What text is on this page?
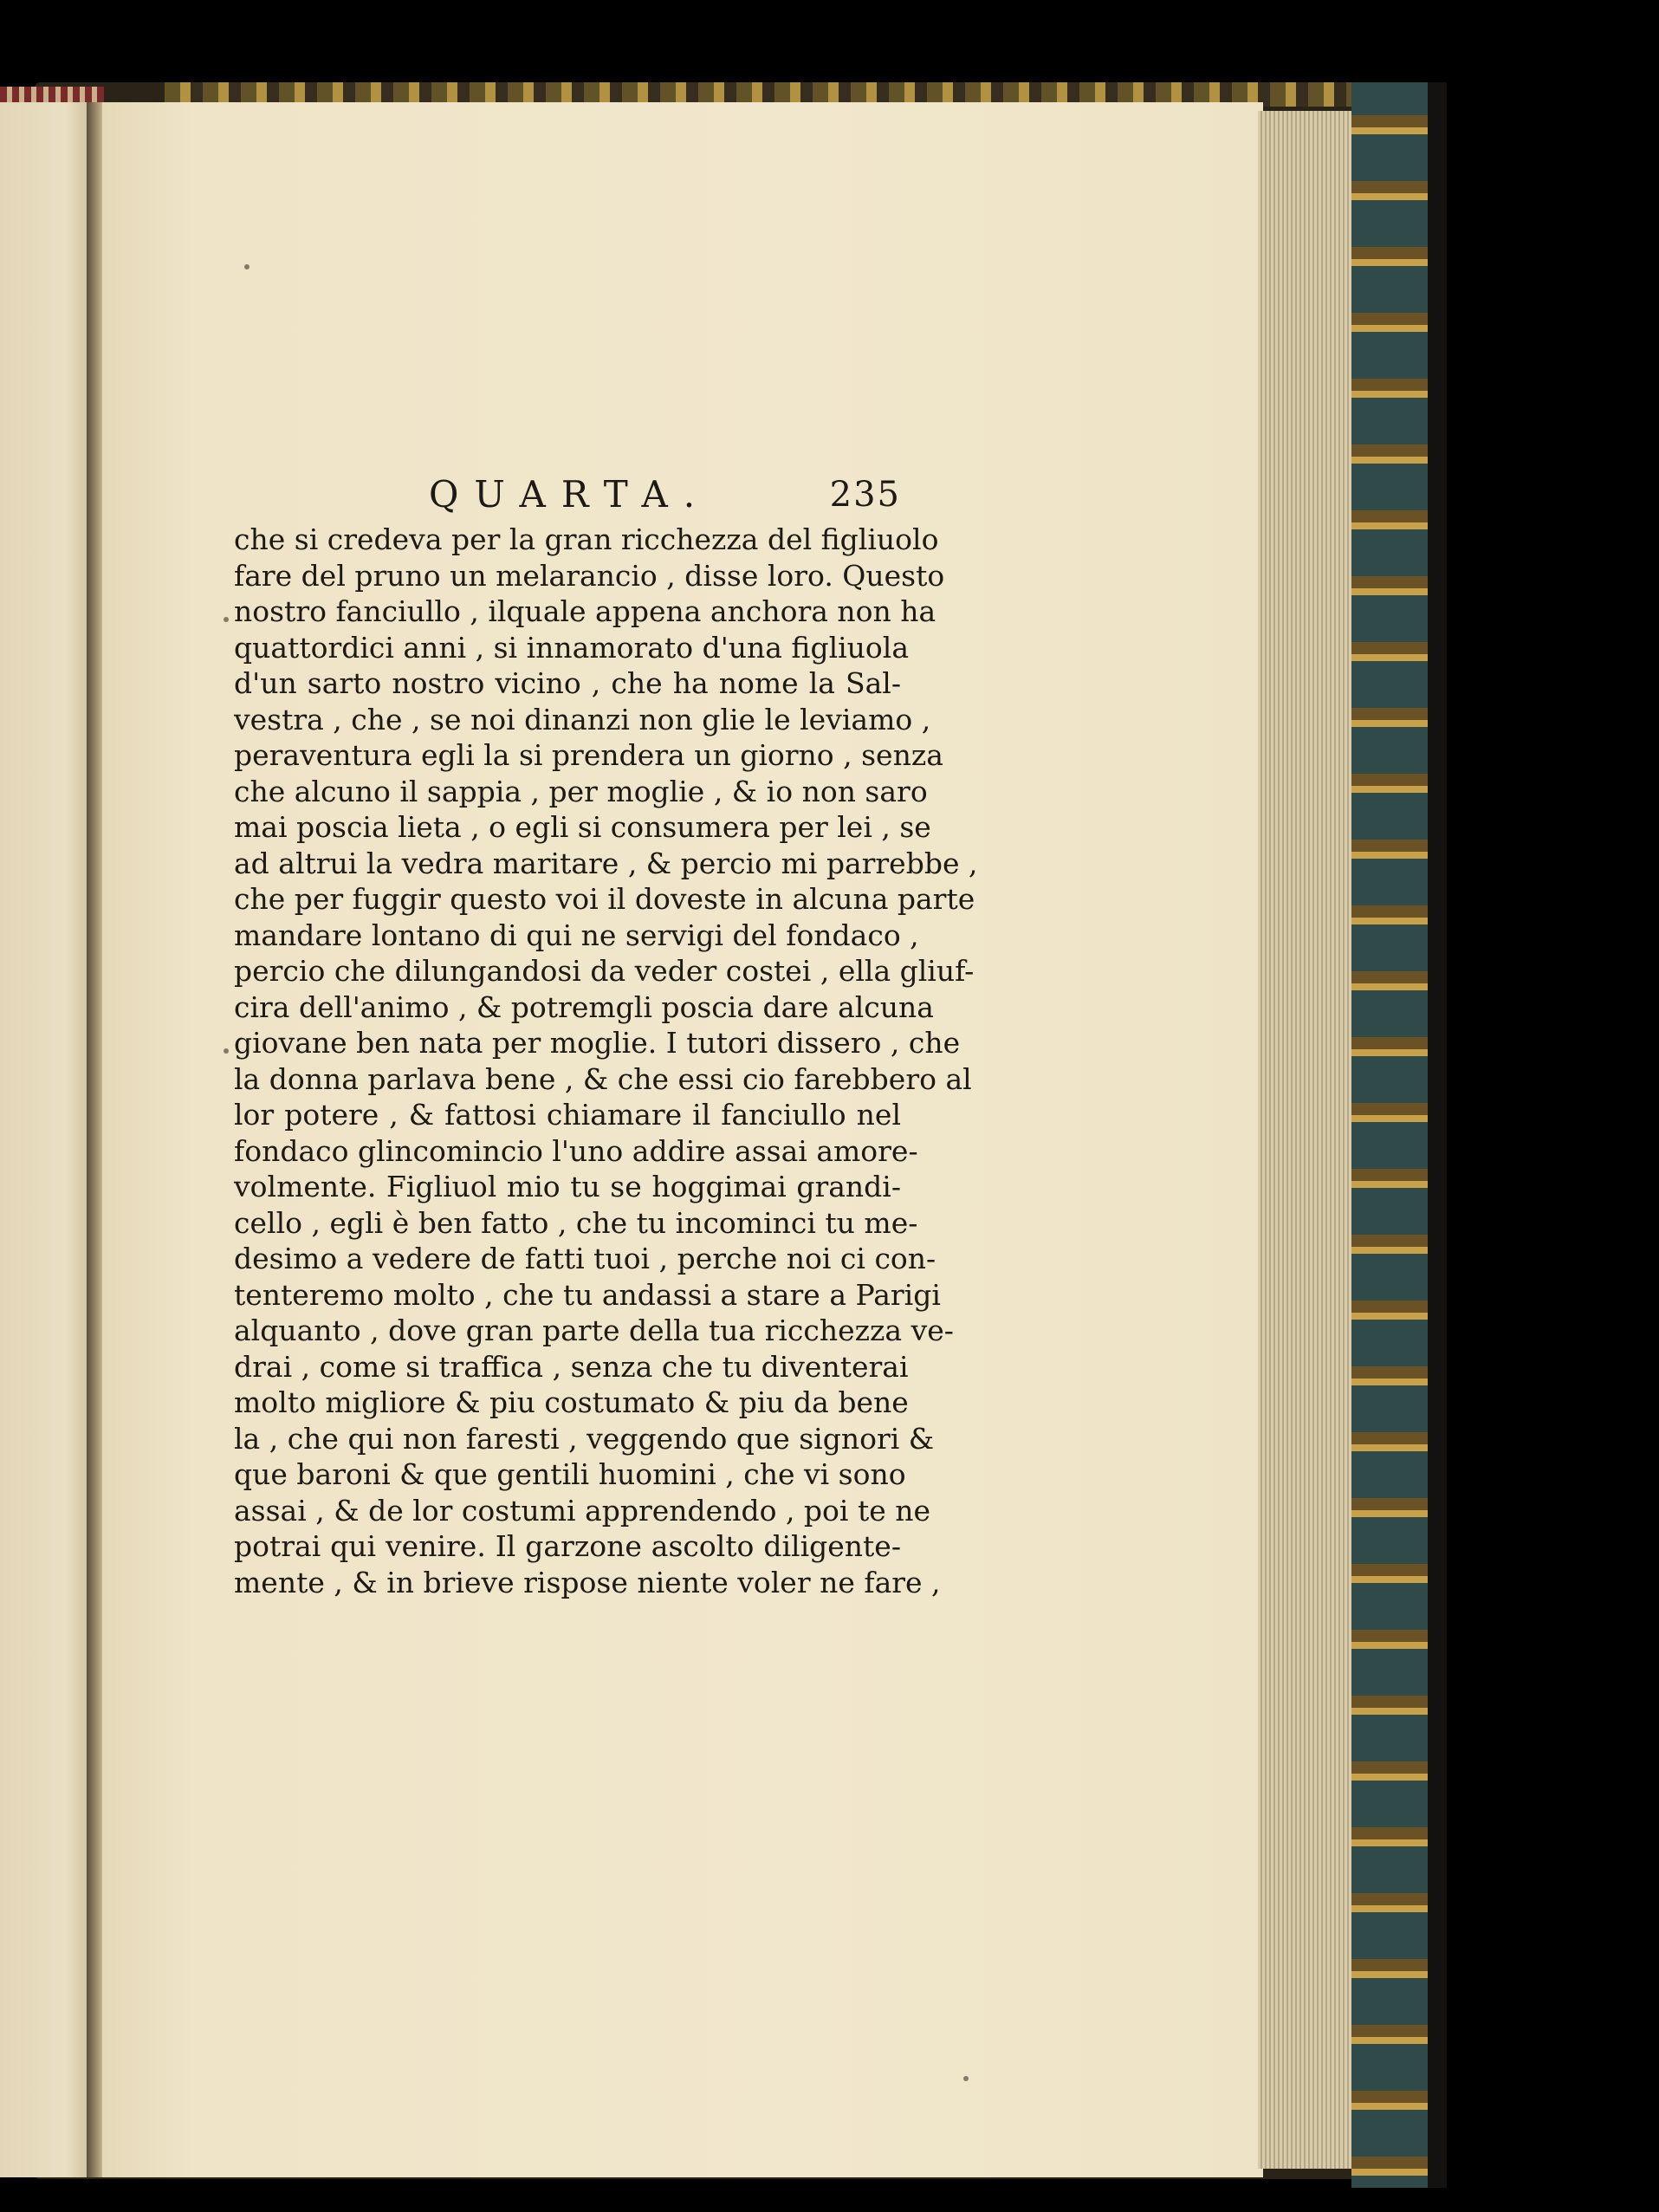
QUARTA.	235
che si credeva per la gran ricchezza del figliuolo
fare del pruno un melarancio , disse loro. Questo
nostro fanciullo , ilquale appena anchora non ha
quattordici anni , si innamorato d'una figliuola
d'un sarto nostro vicino , che ha nome la Sal-
vestra , che , se noi dinanzi non glie le leviamo ,
peraventura egli la si prendera un giorno , senza
che alcuno il sappia , per moglie , & io non saro
mai poscia lieta , o egli si consumera per lei , se
ad altrui la vedra maritare , & percio mi parrebbe ,
che per fuggir questo voi il doveste in alcuna parte
mandare lontano di qui ne servigi del fondaco ,
percio che dilungandosi da veder costei , ella gliuf-
cira dell'animo , & potremgli poscia dare alcuna
giovane ben nata per moglie. I tutori dissero , che
la donna parlava bene , & che essi cio farebbero al
lor potere , & fattosi chiamare il fanciullo nel
fondaco glincomincio l'uno addire assai amore-
volmente. Figliuol mio tu se hoggimai grandi-
cello , egli è ben fatto , che tu incominci tu me-
desimo a vedere de fatti tuoi , perche noi ci con-
tenteremo molto , che tu andassi a stare a Parigi
alquanto , dove gran parte della tua ricchezza ve-
drai , come si traffica , senza che tu diventerai
molto migliore & piu costumato & piu da bene
la , che qui non faresti , veggendo que signori &
que baroni & que gentili huomini , che vi sono
assai , & de lor costumi apprendendo , poi te ne
potrai qui venire. Il garzone ascolto diligente-
mente , & in brieve rispose niente voler ne fare ,
